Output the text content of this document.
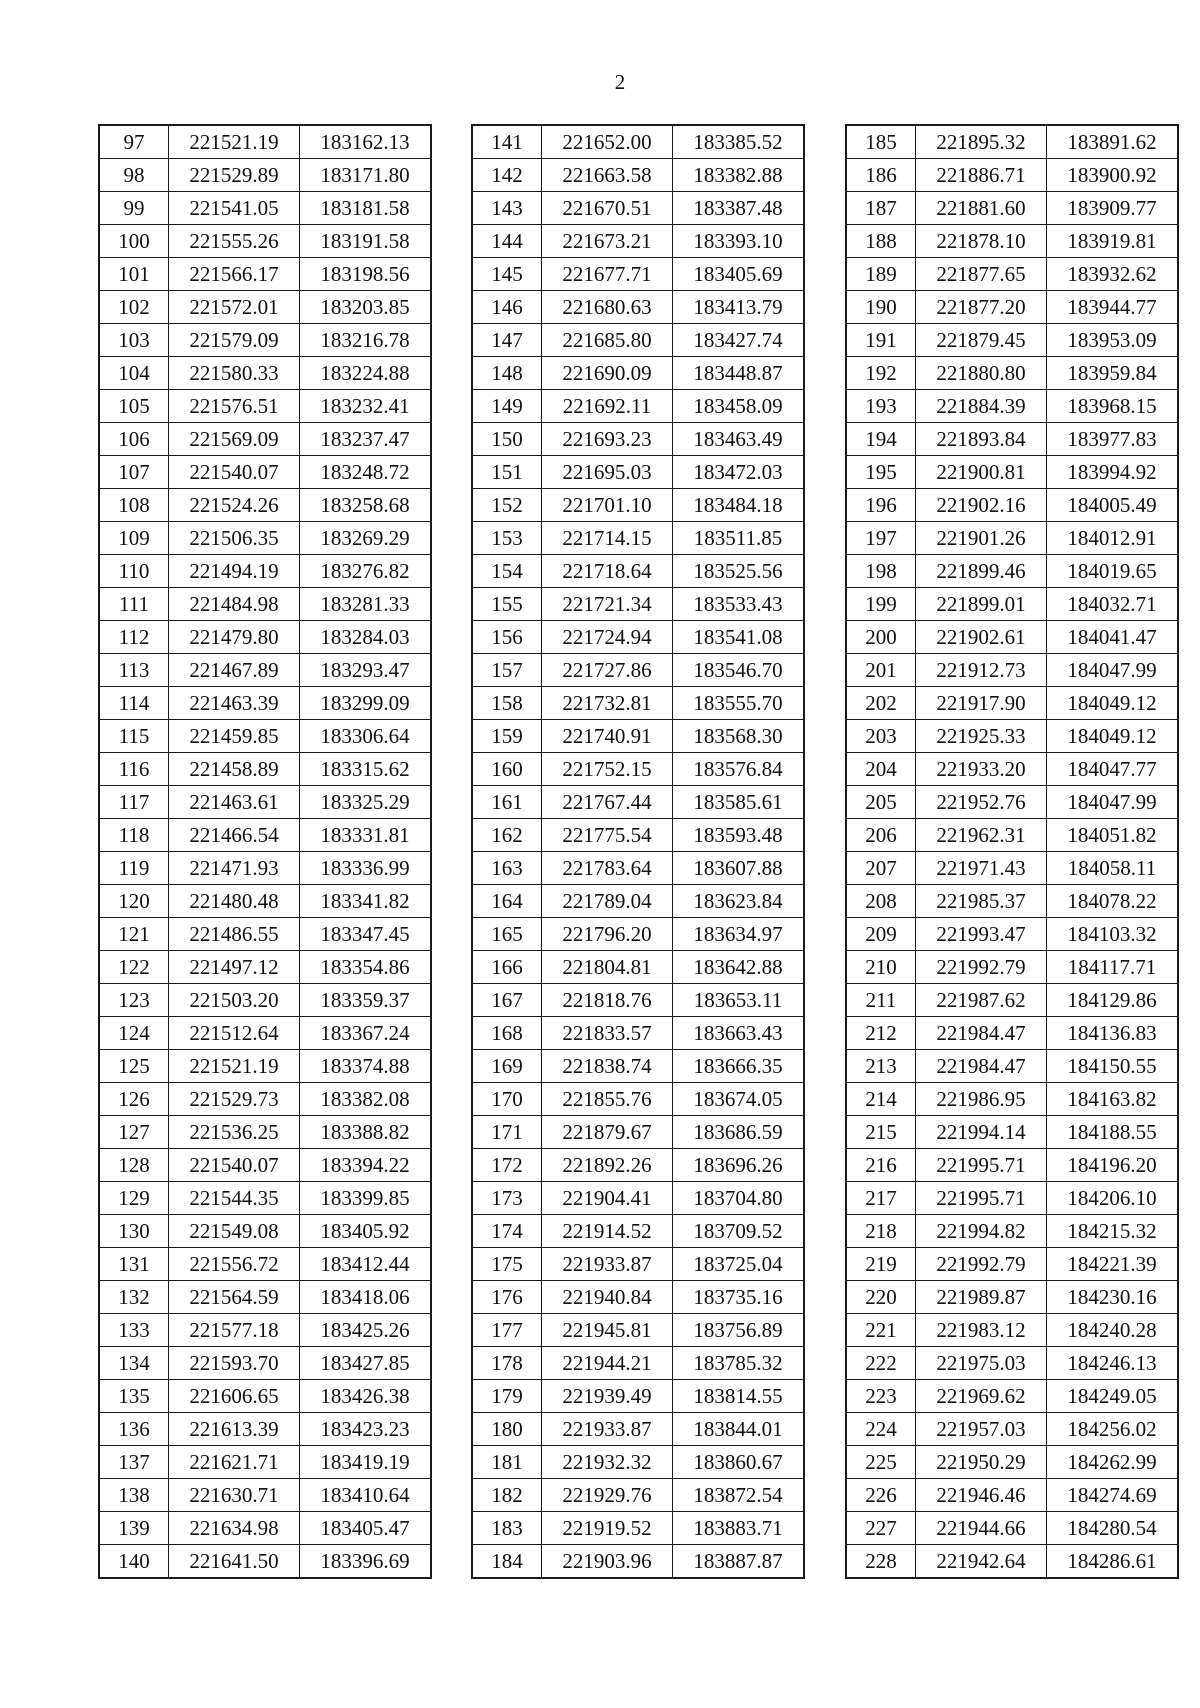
2
97	221521.19	183162.13
98	221529.89	183171.80
99	221541.05	183181.58
100	221555.26	183191.58
101	221566.17	183198.56
102	221572.01	183203.85
103	221579.09	183216.78
104	221580.33	183224.88
105	221576.51	183232.41
106	221569.09	183237.47
107	221540.07	183248.72
108	221524.26	183258.68
109	221506.35	183269.29
110	221494.19	183276.82
111	221484.98	183281.33
112	221479.80	183284.03
113	221467.89	183293.47
114	221463.39	183299.09
115	221459.85	183306.64
116	221458.89	183315.62
117	221463.61	183325.29
118	221466.54	183331.81
119	221471.93	183336.99
120	221480.48	183341.82
121	221486.55	183347.45
122	221497.12	183354.86
123	221503.20	183359.37
124	221512.64	183367.24
125	221521.19	183374.88
126	221529.73	183382.08
127	221536.25	183388.82
128	221540.07	183394.22
129	221544.35	183399.85
130	221549.08	183405.92
131	221556.72	183412.44
132	221564.59	183418.06
133	221577.18	183425.26
134	221593.70	183427.85
135	221606.65	183426.38
136	221613.39	183423.23
137	221621.71	183419.19
138	221630.71	183410.64
139	221634.98	183405.47
140	221641.50	183396.69
141	221652.00	183385.52
142	221663.58	183382.88
143	221670.51	183387.48
144	221673.21	183393.10
145	221677.71	183405.69
146	221680.63	183413.79
147	221685.80	183427.74
148	221690.09	183448.87
149	221692.11	183458.09
150	221693.23	183463.49
151	221695.03	183472.03
152	221701.10	183484.18
153	221714.15	183511.85
154	221718.64	183525.56
155	221721.34	183533.43
156	221724.94	183541.08
157	221727.86	183546.70
158	221732.81	183555.70
159	221740.91	183568.30
160	221752.15	183576.84
161	221767.44	183585.61
162	221775.54	183593.48
163	221783.64	183607.88
164	221789.04	183623.84
165	221796.20	183634.97
166	221804.81	183642.88
167	221818.76	183653.11
168	221833.57	183663.43
169	221838.74	183666.35
170	221855.76	183674.05
171	221879.67	183686.59
172	221892.26	183696.26
173	221904.41	183704.80
174	221914.52	183709.52
175	221933.87	183725.04
176	221940.84	183735.16
177	221945.81	183756.89
178	221944.21	183785.32
179	221939.49	183814.55
180	221933.87	183844.01
181	221932.32	183860.67
182	221929.76	183872.54
183	221919.52	183883.71
184	221903.96	183887.87
185	221895.32	183891.62
186	221886.71	183900.92
187	221881.60	183909.77
188	221878.10	183919.81
189	221877.65	183932.62
190	221877.20	183944.77
191	221879.45	183953.09
192	221880.80	183959.84
193	221884.39	183968.15
194	221893.84	183977.83
195	221900.81	183994.92
196	221902.16	184005.49
197	221901.26	184012.91
198	221899.46	184019.65
199	221899.01	184032.71
200	221902.61	184041.47
201	221912.73	184047.99
202	221917.90	184049.12
203	221925.33	184049.12
204	221933.20	184047.77
205	221952.76	184047.99
206	221962.31	184051.82
207	221971.43	184058.11
208	221985.37	184078.22
209	221993.47	184103.32
210	221992.79	184117.71
211	221987.62	184129.86
212	221984.47	184136.83
213	221984.47	184150.55
214	221986.95	184163.82
215	221994.14	184188.55
216	221995.71	184196.20
217	221995.71	184206.10
218	221994.82	184215.32
219	221992.79	184221.39
220	221989.87	184230.16
221	221983.12	184240.28
222	221975.03	184246.13
223	221969.62	184249.05
224	221957.03	184256.02
225	221950.29	184262.99
226	221946.46	184274.69
227	221944.66	184280.54
228	221942.64	184286.61
